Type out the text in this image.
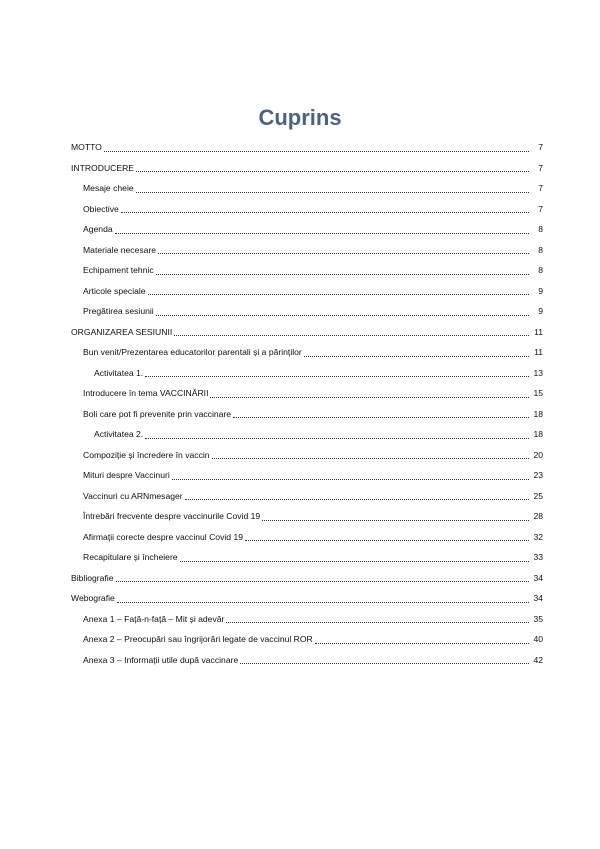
Cuprins
MOTTO	7
INTRODUCERE	7
Mesaje cheie	7
Obiective	7
Agenda	8
Materiale necesare	8
Echipament tehnic	8
Articole speciale	9
Pregătirea sesiunii	9
ORGANIZAREA SESIUNII	11
Bun venit/Prezentarea educatorilor parentali și a părinților	11
Activitatea 1.	13
Introducere în tema VACCINĂRII	15
Boli care pot fi prevenite prin vaccinare	18
Activitatea 2.	18
Compoziție și încredere în vaccin	20
Mituri despre Vaccinuri	23
Vaccinuri cu ARNmesager	25
Întrebări frecvente despre vaccinurile Covid 19	28
Afirmații corecte despre vaccinul Covid 19	32
Recapitulare și încheiere	33
Bibliografie	34
Webografie	34
Anexa 1 – Față-n-față – Mit și adevăr	35
Anexa 2 – Preocupări sau îngrijorări legate de vaccinul ROR	40
Anexa 3 – Informații utile după vaccinare	42
